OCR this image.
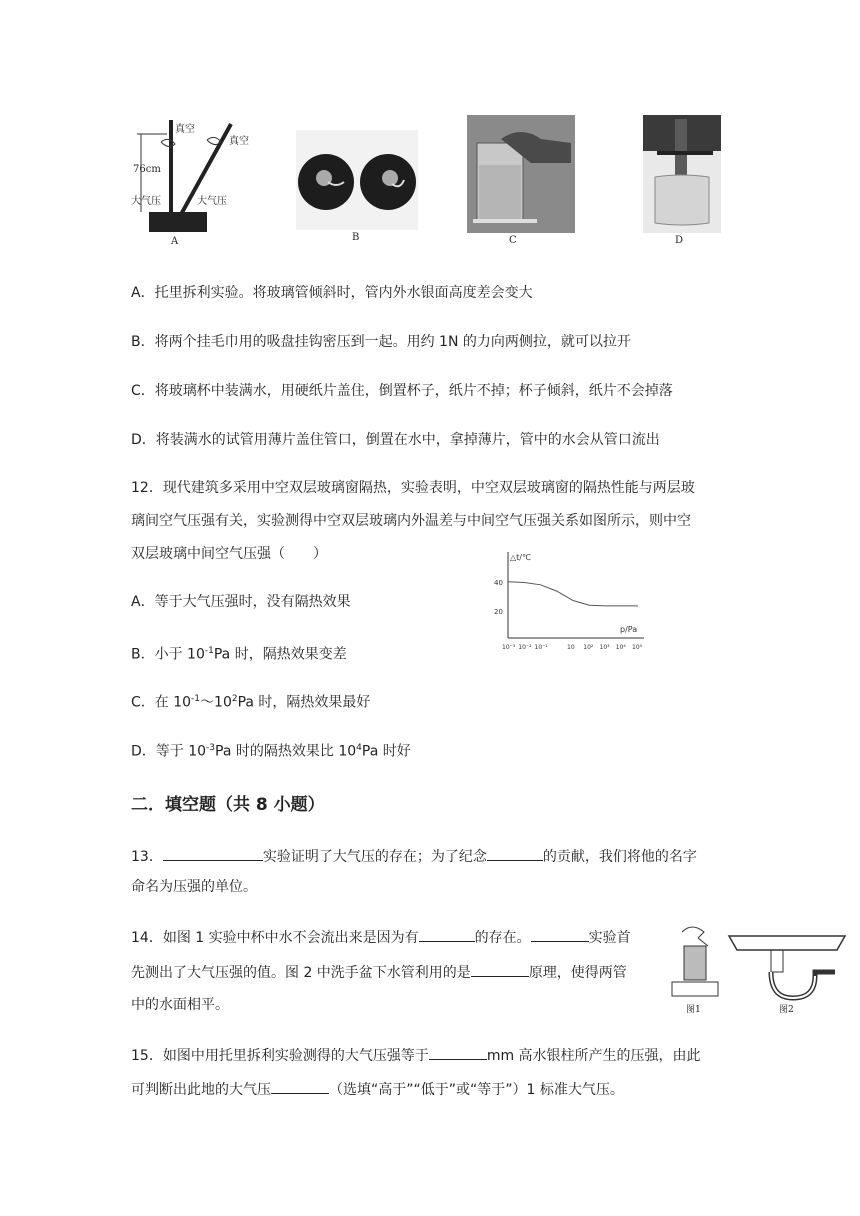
真空
真空
76cm
大气压	大气压
A	B	C	D
A．托里拆利实验。将玻璃管倾斜时，管内外水银面高度差会变大
B．将两个挂毛巾用的吸盘挂钩密压到一起。用约 1N 的力向两侧拉，就可以拉开
C．将玻璃杯中装满水，用硬纸片盖住，倒置杯子，纸片不掉；杯子倾斜，纸片不会掉落
D．将装满水的试管用薄片盖住管口，倒置在水中，拿掉薄片，管中的水会从管口流出
12．现代建筑多采用中空双层玻璃窗隔热，实验表明，中空双层玻璃窗的隔热性能与两层玻
璃间空气压强有关，实验测得中空双层玻璃内外温差与中间空气压强关系如图所示，则中空
双层玻璃中间空气压强（　　）
A．等于大气压强时，没有隔热效果
B．小于 $10^{-1}Pa$ 时，隔热效果变差
C．在 $10^{-1}\sim 10^2Pa$ 时，隔热效果最好
D．等于 $10^{-3}Pa$ 时的隔热效果比 $10^4Pa$ 时好
△t/℃
p/Pa
40
20
10⁻³ 10⁻² 10⁻¹	10 10² 10³ 10⁴ 10⁵
二．填空题（共 8 小题）
13．	实验证明了大气压的存在；为了纪念	的贡献，我们将他的名字
命名为压强的单位。
14．如图 1 实验中杯中水不会流出来是因为有	的存在。	实验首
先测出了大气压强的值。图 2 中洗手盆下水管利用的是	原理，使得两管
中的水面相平。	图1	图2
15．如图中用托里拆利实验测得的大气压强等于	mm 高水银柱所产生的压强，由此
可判断出此地的大气压	（选填“高于”“低于”或“等于”）1 标准大气压。
